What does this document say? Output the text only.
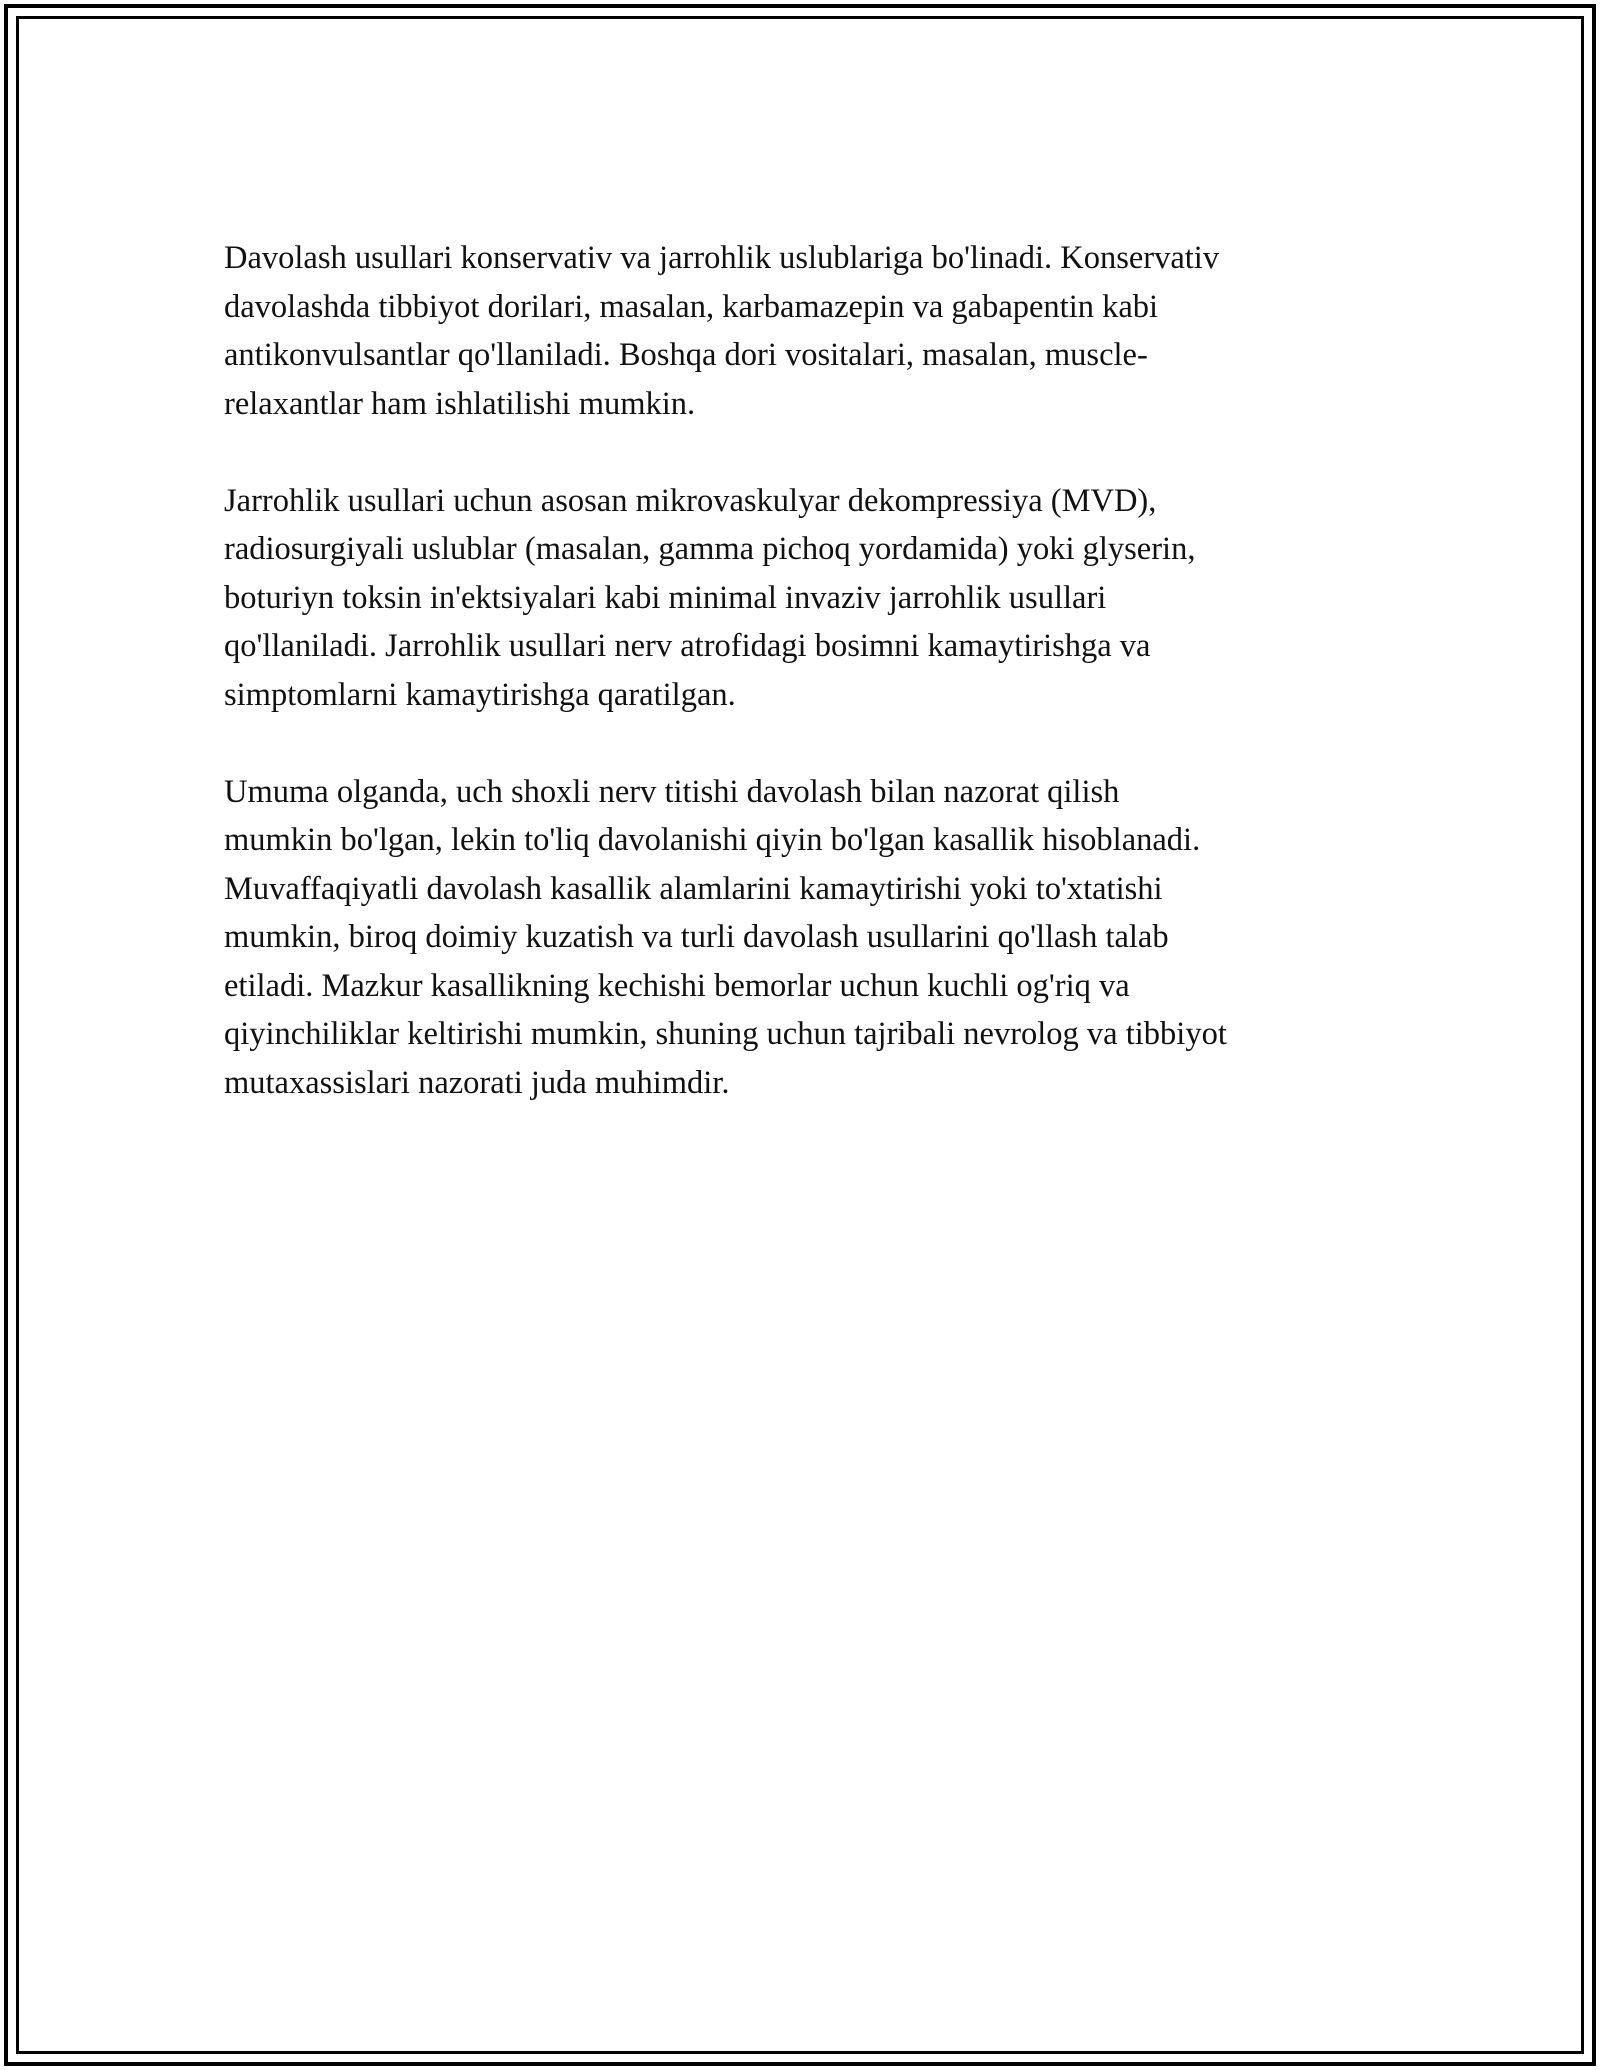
Davolash usullari konservativ va jarrohlik uslublariga bo'linadi. Konservativ
davolashda tibbiyot dorilari, masalan, karbamazepin va gabapentin kabi
antikonvulsantlar qo'llaniladi. Boshqa dori vositalari, masalan, muscle-
relaxantlar ham ishlatilishi mumkin.

Jarrohlik usullari uchun asosan mikrovaskulyar dekompressiya (MVD),
radiosurgiyali uslublar (masalan, gamma pichoq yordamida) yoki glyserin,
boturiyn toksin in'ektsiyalari kabi minimal invaziv jarrohlik usullari
qo'llaniladi. Jarrohlik usullari nerv atrofidagi bosimni kamaytirishga va
simptomlarni kamaytirishga qaratilgan.

Umuma olganda, uch shoxli nerv titishi davolash bilan nazorat qilish
mumkin bo'lgan, lekin to'liq davolanishi qiyin bo'lgan kasallik hisoblanadi.
Muvaffaqiyatli davolash kasallik alamlarini kamaytirishi yoki to'xtatishi
mumkin, biroq doimiy kuzatish va turli davolash usullarini qo'llash talab
etiladi. Mazkur kasallikning kechishi bemorlar uchun kuchli og'riq va
qiyinchiliklar keltirishi mumkin, shuning uchun tajribali nevrolog va tibbiyot
mutaxassislari nazorati juda muhimdir.
